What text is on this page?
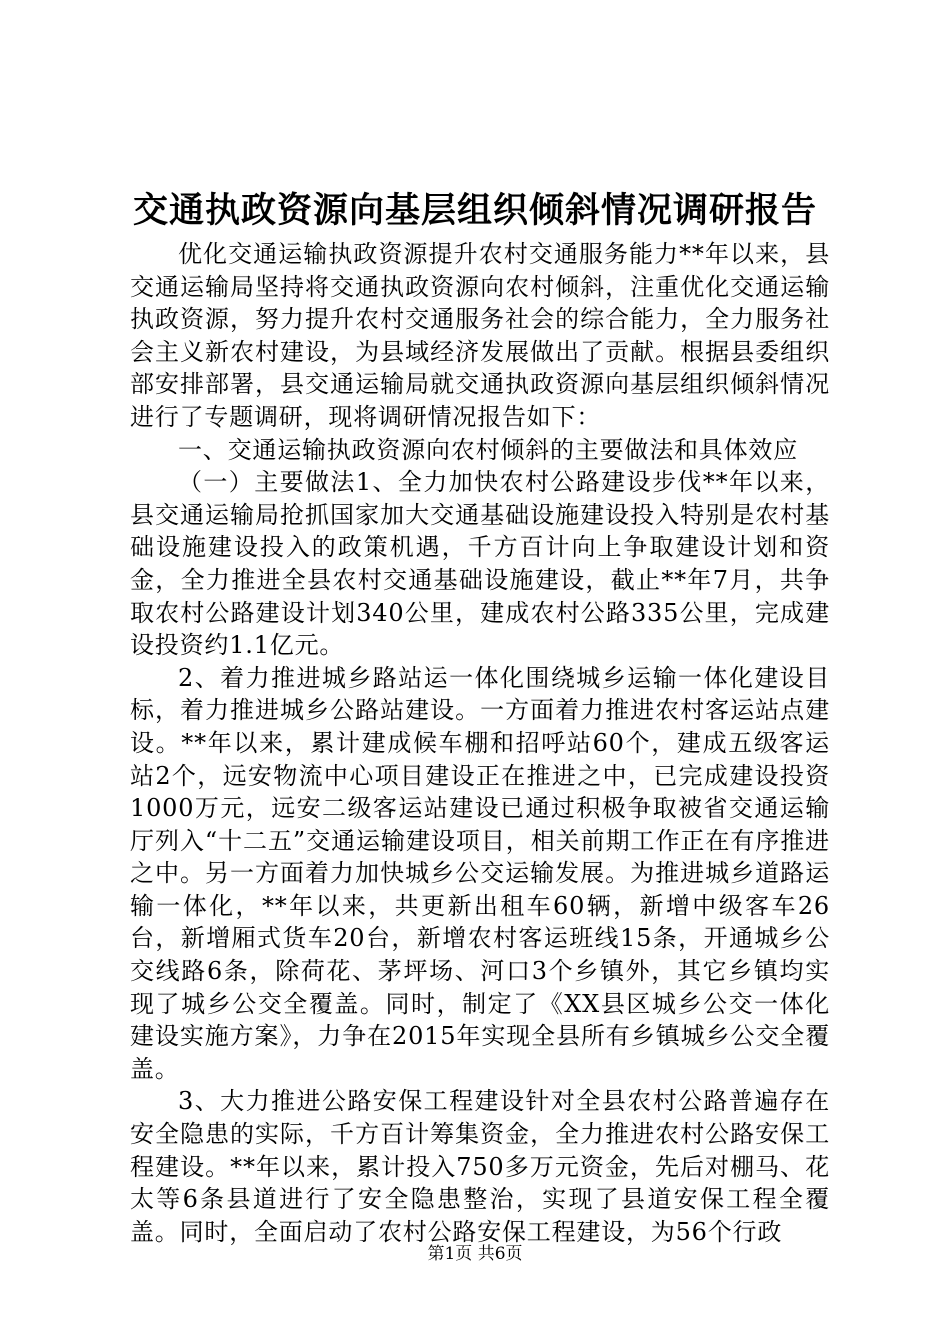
交通执政资源向基层组织倾斜情况调研报告

优化交通运输执政资源提升农村交通服务能力**年以来，县交通运输局坚持将交通执政资源向农村倾斜，注重优化交通运输执政资源，努力提升农村交通服务社会的综合能力，全力服务社会主义新农村建设，为县域经济发展做出了贡献。根据县委组织部安排部署，县交通运输局就交通执政资源向基层组织倾斜情况进行了专题调研，现将调研情况报告如下：

一、交通运输执政资源向农村倾斜的主要做法和具体效应

（一）主要做法1、全力加快农村公路建设步伐**年以来，县交通运输局抢抓国家加大交通基础设施建设投入特别是农村基础设施建设投入的政策机遇，千方百计向上争取建设计划和资金，全力推进全县农村交通基础设施建设，截止**年7月，共争取农村公路建设计划340公里，建成农村公路335公里，完成建设投资约1.1亿元。

2、着力推进城乡路站运一体化围绕城乡运输一体化建设目标，着力推进城乡公路站建设。一方面着力推进农村客运站点建设。**年以来，累计建成候车棚和招呼站60个，建成五级客运站2个，远安物流中心项目建设正在推进之中，已完成建设投资1000万元，远安二级客运站建设已通过积极争取被省交通运输厅列入“十二五”交通运输建设项目，相关前期工作正在有序推进之中。另一方面着力加快城乡公交运输发展。为推进城乡道路运输一体化，**年以来，共更新出租车60辆，新增中级客车26台，新增厢式货车20台，新增农村客运班线15条，开通城乡公交线路6条，除荷花、茅坪场、河口3个乡镇外，其它乡镇均实现了城乡公交全覆盖。同时，制定了《XX县区城乡公交一体化建设实施方案》，力争在2015年实现全县所有乡镇城乡公交全覆盖。

3、大力推进公路安保工程建设针对全县农村公路普遍存在安全隐患的实际，千方百计筹集资金，全力推进农村公路安保工程建设。**年以来，累计投入750多万元资金，先后对棚马、花太等6条县道进行了安全隐患整治，实现了县道安保工程全覆盖。同时，全面启动了农村公路安保工程建设，为56个行政

第1页 共6页
